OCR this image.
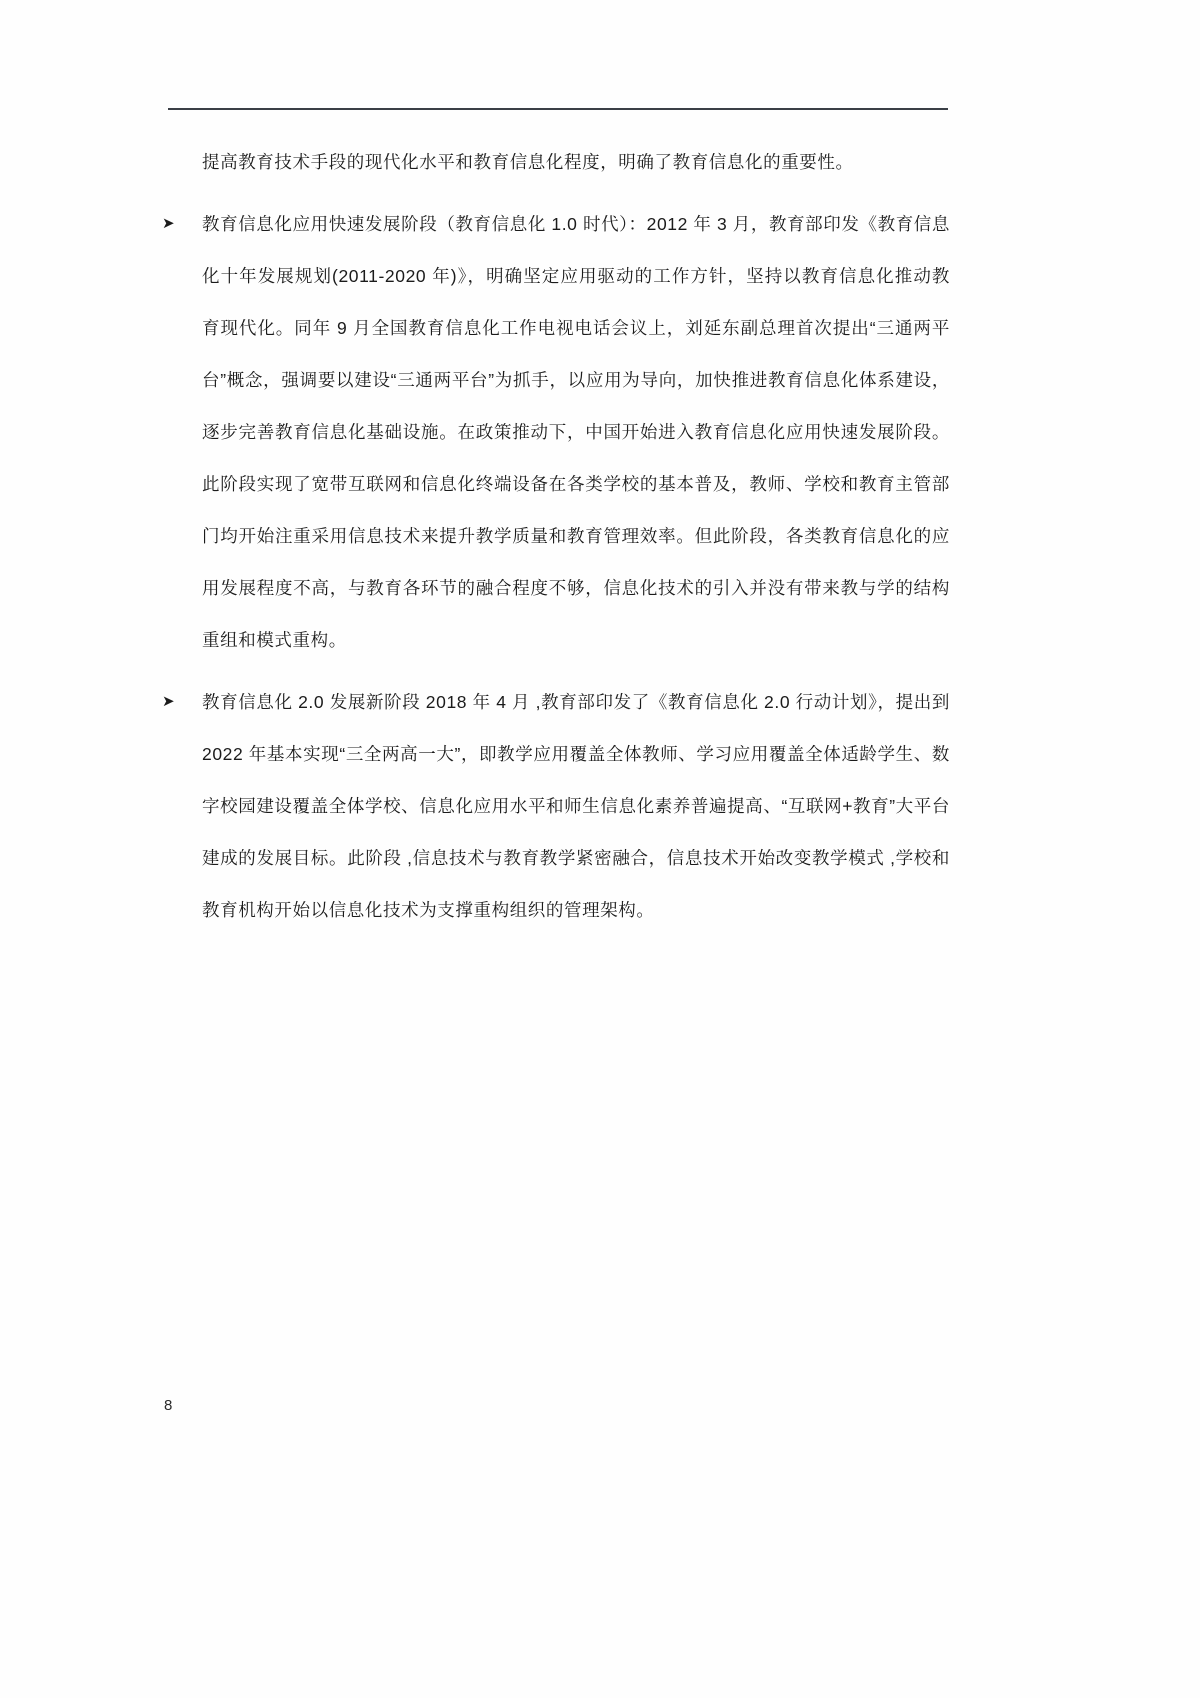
提高教育技术手段的现代化水平和教育信息化程度，明确了教育信息化的重要性。

➤	教育信息化应用快速发展阶段（教育信息化 1.0 时代）：2012 年 3 月，教育部印发《教育信息化十年发展规划(2011-2020 年)》，明确坚定应用驱动的工作方针，坚持以教育信息化推动教育现代化。同年 9 月全国教育信息化工作电视电话会议上，刘延东副总理首次提出“三通两平台”概念，强调要以建设“三通两平台”为抓手，以应用为导向，加快推进教育信息化体系建设，逐步完善教育信息化基础设施。在政策推动下，中国开始进入教育信息化应用快速发展阶段。此阶段实现了宽带互联网和信息化终端设备在各类学校的基本普及，教师、学校和教育主管部门均开始注重采用信息技术来提升教学质量和教育管理效率。但此阶段，各类教育信息化的应用发展程度不高，与教育各环节的融合程度不够，信息化技术的引入并没有带来教与学的结构重组和模式重构。

➤	教育信息化 2.0 发展新阶段 2018 年 4 月 ,教育部印发了《教育信息化 2.0 行动计划》，提出到 2022 年基本实现“三全两高一大”，即教学应用覆盖全体教师、学习应用覆盖全体适龄学生、数字校园建设覆盖全体学校、信息化应用水平和师生信息化素养普遍提高、“互联网+教育”大平台建成的发展目标。此阶段 ,信息技术与教育教学紧密融合，信息技术开始改变教学模式 ,学校和教育机构开始以信息化技术为支撑重构组织的管理架构。

8
